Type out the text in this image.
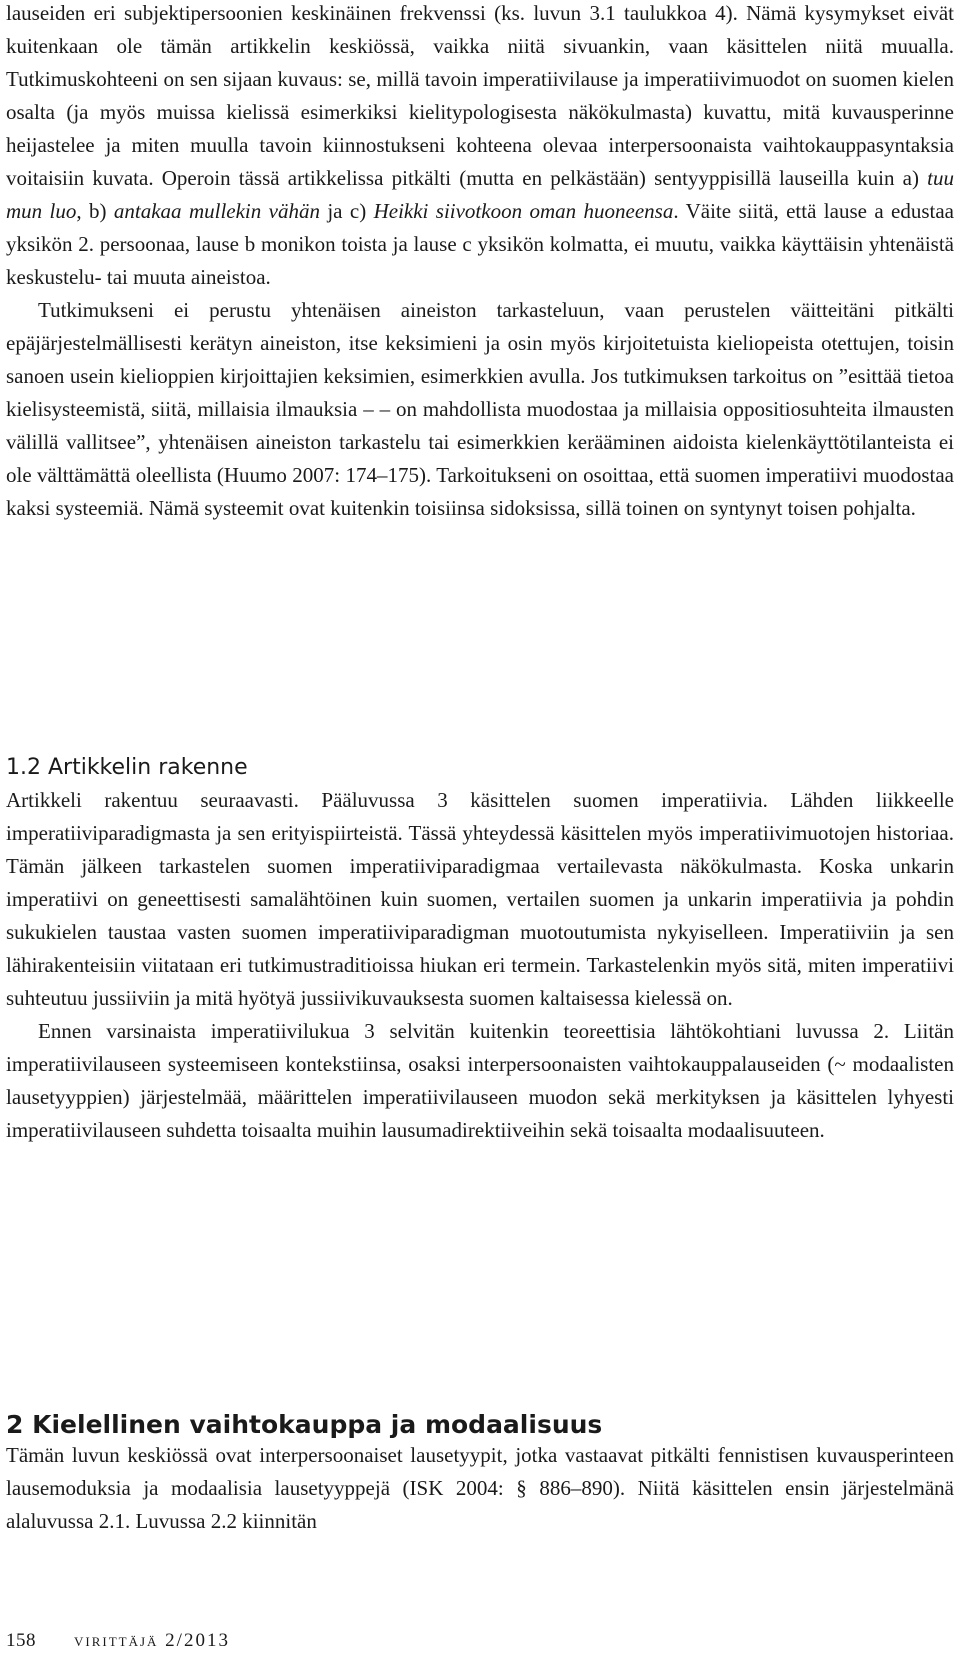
lauseiden eri subjektipersoonien keskinäinen frekvenssi (ks. luvun 3.1 taulukkoa 4). Nämä kysymykset eivät kuitenkaan ole tämän artikkelin keskiössä, vaikka niitä sivuankin, vaan käsittelen niitä muualla. Tutkimuskohteeni on sen sijaan kuvaus: se, millä tavoin imperatiivilause ja imperatiivimuodot on suomen kielen osalta (ja myös muissa kielissä esimerkiksi kielitypologisesta näkökulmasta) kuvattu, mitä kuvausperinne heijastelee ja miten muulla tavoin kiinnostukseni kohteena olevaa interpersoonaista vaihtokauppasyntaksia voitaisiin kuvata. Operoin tässä artikkelissa pitkälti (mutta en pelkästään) sentyyppisillä lauseilla kuin a) tuu mun luo, b) antakaa mullekin vähän ja c) Heikki siivotkoon oman huoneensa. Väite siitä, että lause a edustaa yksikön 2. persoonaa, lause b monikon toista ja lause c yksikön kolmatta, ei muutu, vaikka käyttäisin yhtenäistä keskustelu- tai muuta aineistoa.

Tutkimukseni ei perustu yhtenäisen aineiston tarkasteluun, vaan perustelen väitteitäni pitkälti epäjärjestelmällisesti kerätyn aineiston, itse keksimieni ja osin myös kirjoitetuista kieliopeista otettujen, toisin sanoen usein kielioppien kirjoittajien keksimien, esimerkkien avulla. Jos tutkimuksen tarkoitus on ”esittää tietoa kielisysteemistä, siitä, millaisia ilmauksia – – on mahdollista muodostaa ja millaisia oppositiosuhteita ilmausten välillä vallitsee”, yhtenäisen aineiston tarkastelu tai esimerkkien kerääminen aidoista kielenkäyttötilanteista ei ole välttämättä oleellista (Huumo 2007: 174–175). Tarkoitukseni on osoittaa, että suomen imperatiivi muodostaa kaksi systeemiä. Nämä systeemit ovat kuitenkin toisiinsa sidoksissa, sillä toinen on syntynyt toisen pohjalta.

1.2 Artikkelin rakenne

Artikkeli rakentuu seuraavasti. Pääluvussa 3 käsittelen suomen imperatiivia. Lähden liikkeelle imperatiiviparadigmasta ja sen erityispiirteistä. Tässä yhteydessä käsittelen myös imperatiivimuotojen historiaa. Tämän jälkeen tarkastelen suomen imperatiiviparadigmaa vertailevasta näkökulmasta. Koska unkarin imperatiivi on geneettisesti samalähtöinen kuin suomen, vertailen suomen ja unkarin imperatiivia ja pohdin sukukielen taustaa vasten suomen imperatiiviparadigman muotoutumista nykyiselleen. Imperatiiviin ja sen lähirakenteisiin viitataan eri tutkimustraditioissa hiukan eri termein. Tarkastelenkin myös sitä, miten imperatiivi suhteutuu jussiiviin ja mitä hyötyä jussiivikuvauksesta suomen kaltaisessa kielessä on.

Ennen varsinaista imperatiivilukua 3 selvitän kuitenkin teoreettisia lähtökohtiani luvussa 2. Liitän imperatiivilauseen systeemiseen kontekstiinsa, osaksi interpersoonaisten vaihtokauppalauseiden (~ modaalisten lausetyyppien) järjestelmää, määrittelen imperatiivilauseen muodon sekä merkityksen ja käsittelen lyhyesti imperatiivilauseen suhdetta toisaalta muihin lausumadirektiiveihin sekä toisaalta modaalisuuteen.

2 Kielellinen vaihtokauppa ja modaalisuus

Tämän luvun keskiössä ovat interpersoonaiset lausetyypit, jotka vastaavat pitkälti fennistisen kuvausperinteen lausemoduksia ja modaalisia lausetyyppejä (ISK 2004: § 886–890). Niitä käsittelen ensin järjestelmänä alaluvussa 2.1. Luvussa 2.2 kiinnitän

158 virittäjä 2/2013
